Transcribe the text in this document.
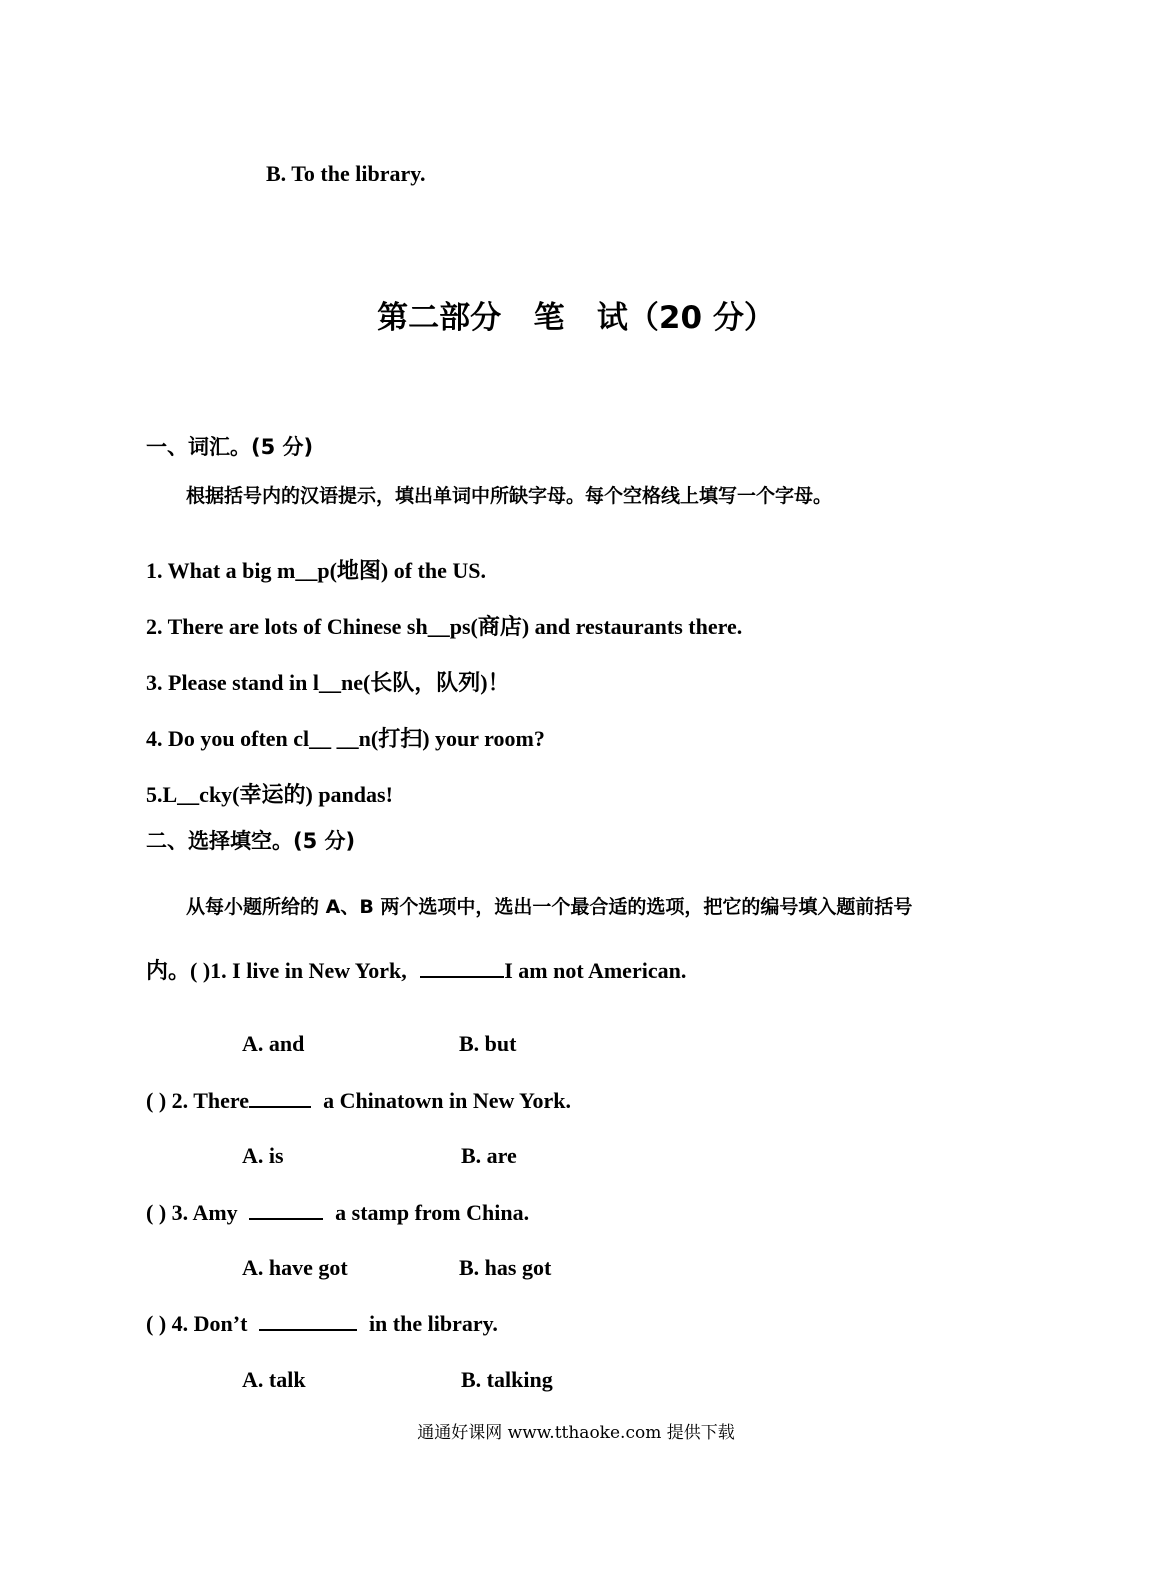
B. To the library.
第二部分   笔   试（20 分）
一、词汇。(5 分)
根据括号内的汉语提示，填出单词中所缺字母。每个空格线上填写一个字母。
1. What a big m__p(地图) of the US.
2. There are lots of Chinese sh__ps(商店) and restaurants there.
3. Please stand in l__ne(长队，队列)！
4. Do you often cl__ __n(打扫) your room?
5.L__cky(幸运的) pandas!
二、选择填空。(5 分)
从每小题所给的 A、B 两个选项中，选出一个最合适的选项，把它的编号填入题前括号
内。( )1. I live in New York,	I am not American.
A. and	B. but
( ) 2. There	a Chinatown in New York.
A. is	B. are
( ) 3. Amy	a stamp from China.
A. have got	B. has got
( ) 4. Don’t	in the library.
A. talk	B. talking
通通好课网 www.tthaoke.com 提供下载
